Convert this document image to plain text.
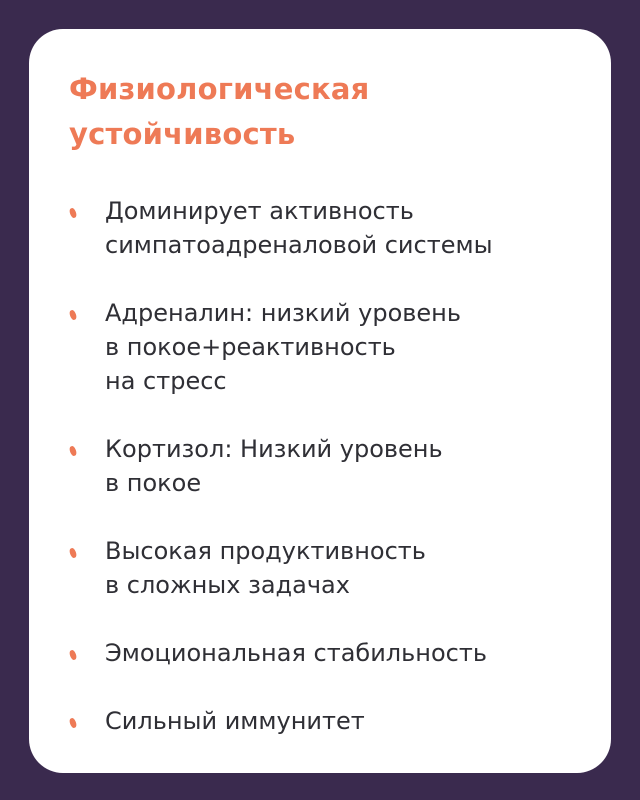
Физиологическая
устойчивость

Доминирует активность
симпатоадреналовой системы

Адреналин: низкий уровень
в покое+реактивность
на стресс

Кортизол: Низкий уровень
в покое

Высокая продуктивность
в сложных задачах

Эмоциональная стабильность

Сильный иммунитет
